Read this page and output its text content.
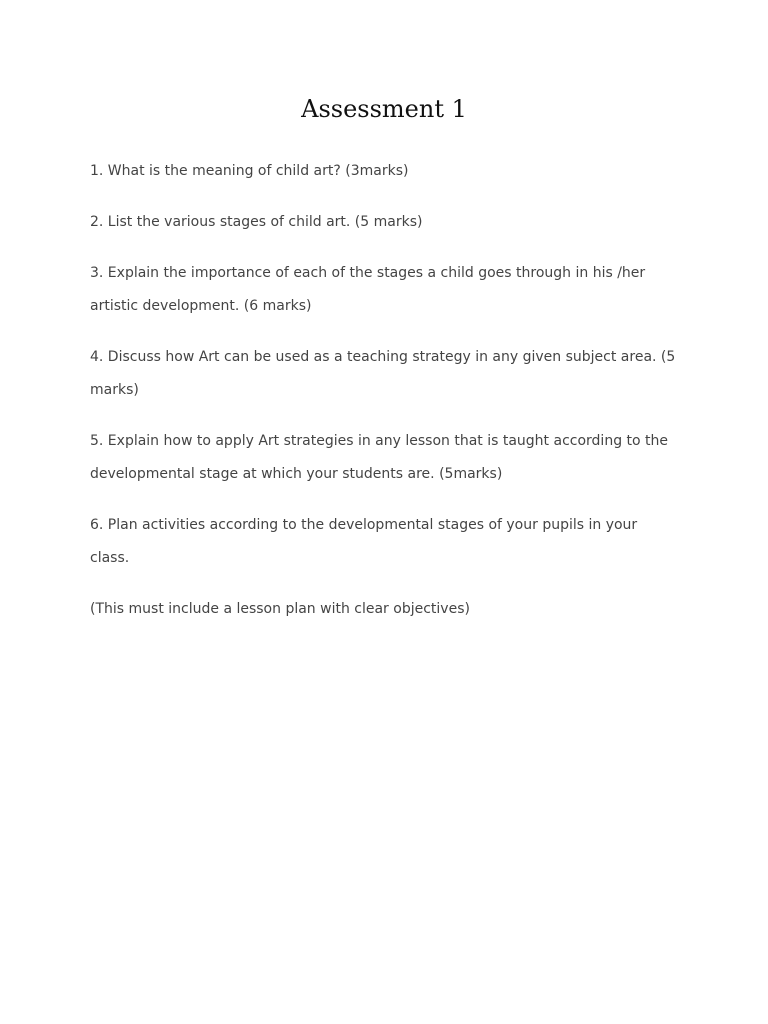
Assessment 1

1. What is the meaning of child art? (3marks)

2. List the various stages of child art. (5 marks)

3. Explain the importance of each of the stages a child goes through in his /her artistic development. (6 marks)

4. Discuss how Art can be used as a teaching strategy in any given subject area. (5 marks)

5. Explain how to apply Art strategies in any lesson that is taught according to the developmental stage at which your students are. (5marks)

6. Plan activities according to the developmental stages of your pupils in your class.

(This must include a lesson plan with clear objectives)
